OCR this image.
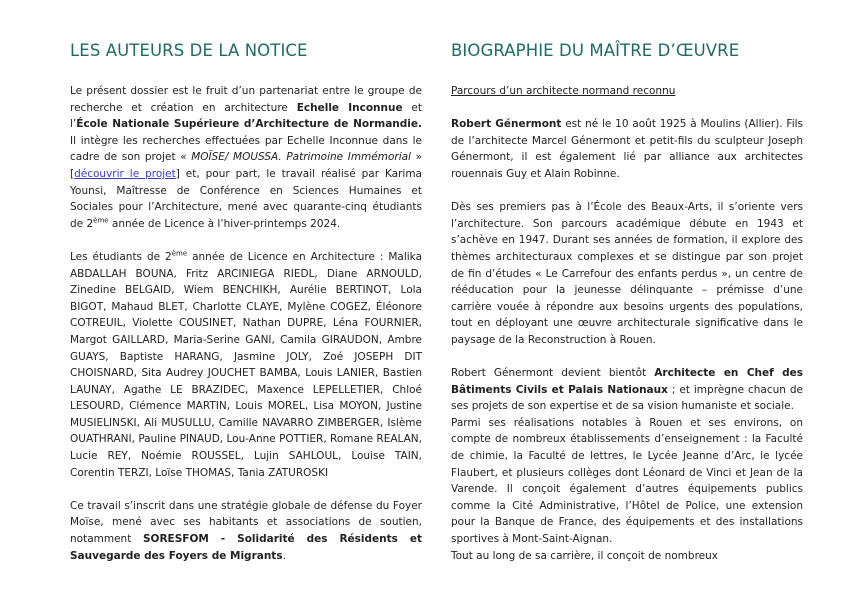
LES AUTEURS DE LA NOTICE

Le présent dossier est le fruit d’un partenariat entre le groupe de recherche et création en architecture Echelle Inconnue et l’École Nationale Supérieure d’Architecture de Normandie. Il intègre les recherches effectuées par Echelle Inconnue dans le cadre de son projet « MOÏSE/ MOUSSA. Patrimoine Immémorial » [découvrir le projet] et, pour part, le travail réalisé par Karima Younsi, Maîtresse de Conférence en Sciences Humaines et Sociales pour l’Architecture, mené avec quarante-cinq étudiants de 2ème année de Licence à l’hiver-printemps 2024.

Les étudiants de 2ème année de Licence en Architecture : Malika ABDALLAH BOUNA, Fritz ARCINIEGA RIEDL, Diane ARNOULD, Zinedine BELGAID, Wiem BENCHIKH, Aurélie BERTINOT, Lola BIGOT, Mahaud BLET, Charlotte CLAYE, Mylène COGEZ, Éléonore COTREUIL, Violette COUSINET, Nathan DUPRE, Léna FOURNIER, Margot GAILLARD, Maria-Serine GANI, Camila GIRAUDON, Ambre GUAYS, Baptiste HARANG, Jasmine JOLY, Zoé JOSEPH DIT CHOISNARD, Sita Audrey JOUCHET BAMBA, Louis LANIER, Bastien LAUNAY, Agathe LE BRAZIDEC, Maxence LEPELLETIER, Chloé LESOURD, Clémence MARTIN, Louis MOREL, Lisa MOYON, Justine MUSIELINSKI, Ali MUSULLU, Camille NAVARRO ZIMBERGER, Islème OUATHRANI, Pauline PINAUD, Lou-Anne POTTIER, Romane REALAN, Lucie REY, Noémie ROUSSEL, Lujin SAHLOUL, Louise TAIN, Corentin TERZI, Loïse THOMAS, Tania ZATUROSKI

Ce travail s’inscrit dans une stratégie globale de défense du Foyer Moïse, mené avec ses habitants et associations de soutien, notamment SORESFOM - Solidarité des Résidents et Sauvegarde des Foyers de Migrants.

BIOGRAPHIE DU MAÎTRE D’ŒUVRE

Parcours d’un architecte normand reconnu

Robert Génermont est né le 10 août 1925 à Moulins (Allier). Fils de l’architecte Marcel Génermont et petit-fils du sculpteur Joseph Génermont, il est également lié par alliance aux architectes rouennais Guy et Alain Robinne.

Dès ses premiers pas à l’École des Beaux-Arts, il s’oriente vers l’architecture. Son parcours académique débute en 1943 et s’achève en 1947. Durant ses années de formation, il explore des thèmes architecturaux complexes et se distingue par son projet de fin d’études « Le Carrefour des enfants perdus », un centre de rééducation pour la jeunesse délinquante – prémisse d’une carrière vouée à répondre aux besoins urgents des populations, tout en déployant une œuvre architecturale significative dans le paysage de la Reconstruction à Rouen.

Robert Génermont devient bientôt Architecte en Chef des Bâtiments Civils et Palais Nationaux ; et imprègne chacun de ses projets de son expertise et de sa vision humaniste et sociale.

Parmi ses réalisations notables à Rouen et ses environs, on compte de nombreux établissements d’enseignement : la Faculté de chimie, la Faculté de lettres, le Lycée Jeanne d’Arc, le lycée Flaubert, et plusieurs collèges dont Léonard de Vinci et Jean de la Varende. Il conçoit également d’autres équipements publics comme la Cité Administrative, l’Hôtel de Police, une extension pour la Banque de France, des équipements et des installations sportives à Mont-Saint-Aignan.

Tout au long de sa carrière, il conçoit de nombreux
